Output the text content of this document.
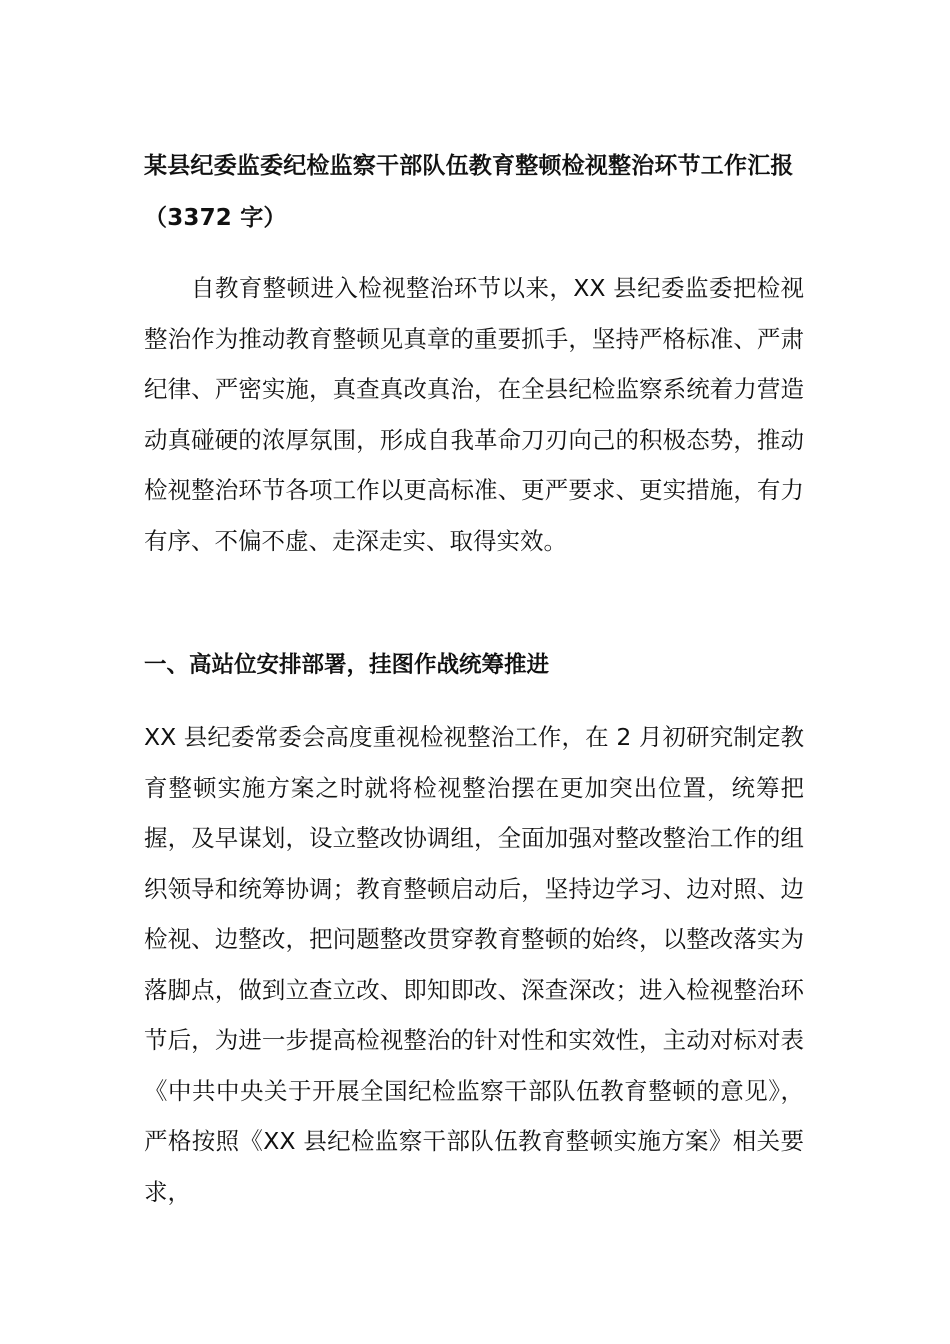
某县纪委监委纪检监察干部队伍教育整顿检视整治环节工作汇报（3372 字）

自教育整顿进入检视整治环节以来，XX 县纪委监委把检视整治作为推动教育整顿见真章的重要抓手，坚持严格标准、严肃纪律、严密实施，真查真改真治，在全县纪检监察系统着力营造动真碰硬的浓厚氛围，形成自我革命刀刃向己的积极态势，推动检视整治环节各项工作以更高标准、更严要求、更实措施，有力有序、不偏不虚、走深走实、取得实效。

一、高站位安排部署，挂图作战统筹推进

XX 县纪委常委会高度重视检视整治工作，在 2 月初研究制定教育整顿实施方案之时就将检视整治摆在更加突出位置，统筹把握，及早谋划，设立整改协调组，全面加强对整改整治工作的组织领导和统筹协调；教育整顿启动后，坚持边学习、边对照、边检视、边整改，把问题整改贯穿教育整顿的始终，以整改落实为落脚点，做到立查立改、即知即改、深查深改；进入检视整治环节后，为进一步提高检视整治的针对性和实效性，主动对标对表《中共中央关于开展全国纪检监察干部队伍教育整顿的意见》，严格按照《XX 县纪检监察干部队伍教育整顿实施方案》相关要求，
